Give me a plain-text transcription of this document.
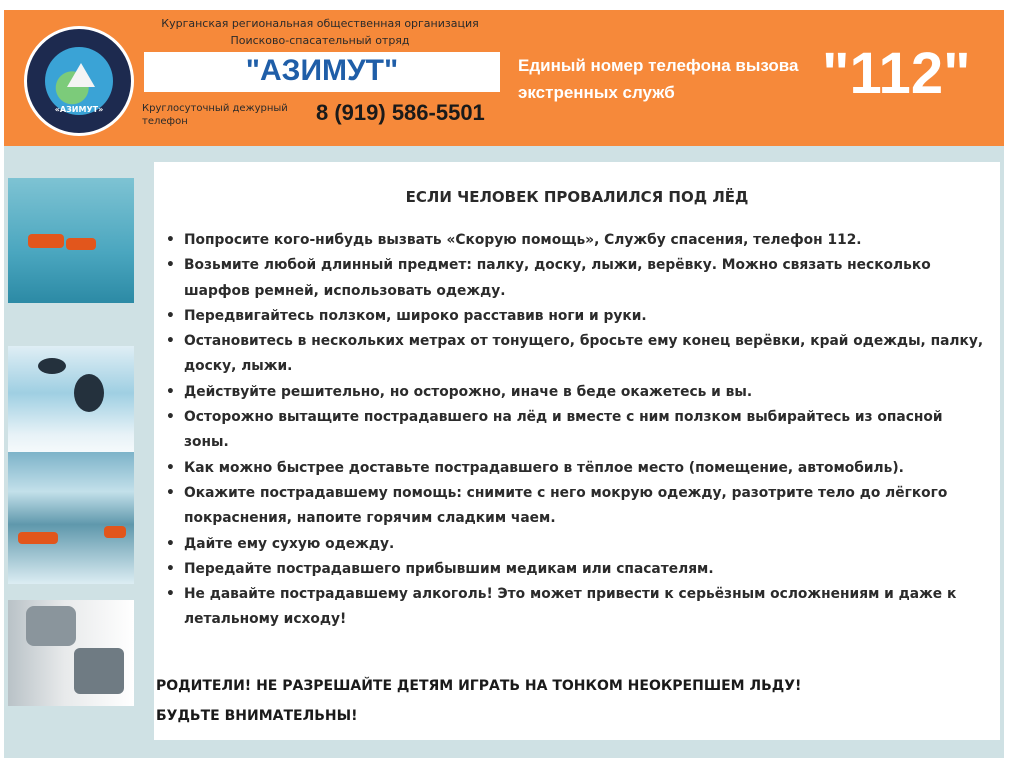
«АЗИМУТ»
Курганская региональная общественная организация
Поисково-спасательный отряд
"АЗИМУТ"
Круглосуточный дежурный телефон	8 (919) 586-5501
Единый номер телефона вызова экстренных служб	"112"
ЕСЛИ ЧЕЛОВЕК ПРОВАЛИЛСЯ ПОД ЛЁД
• Попросите кого-нибудь вызвать «Скорую помощь», Службу спасения, телефон 112.
• Возьмите любой длинный предмет: палку, доску, лыжи, верёвку. Можно связать несколько шарфов ремней, использовать одежду.
• Передвигайтесь ползком, широко расставив ноги и руки.
• Остановитесь в нескольких метрах от тонущего, бросьте ему конец верёвки, край одежды, палку, доску, лыжи.
• Действуйте решительно, но осторожно, иначе в беде окажетесь и вы.
• Осторожно вытащите пострадавшего на лёд и вместе с ним ползком выбирайтесь из опасной зоны.
• Как можно быстрее доставьте пострадавшего в тёплое место (помещение, автомобиль).
• Окажите пострадавшему помощь: снимите с него мокрую одежду, разотрите тело до лёгкого покраснения, напоите горячим сладким чаем.
• Дайте ему сухую одежду.
• Передайте пострадавшего прибывшим медикам или спасателям.
• Не давайте пострадавшему алкоголь! Это может привести к серьёзным осложнениям и даже к летальному исходу!
РОДИТЕЛИ! НЕ РАЗРЕШАЙТЕ ДЕТЯМ ИГРАТЬ НА ТОНКОМ НЕОКРЕПШЕМ ЛЬДУ!
БУДЬТЕ ВНИМАТЕЛЬНЫ!
